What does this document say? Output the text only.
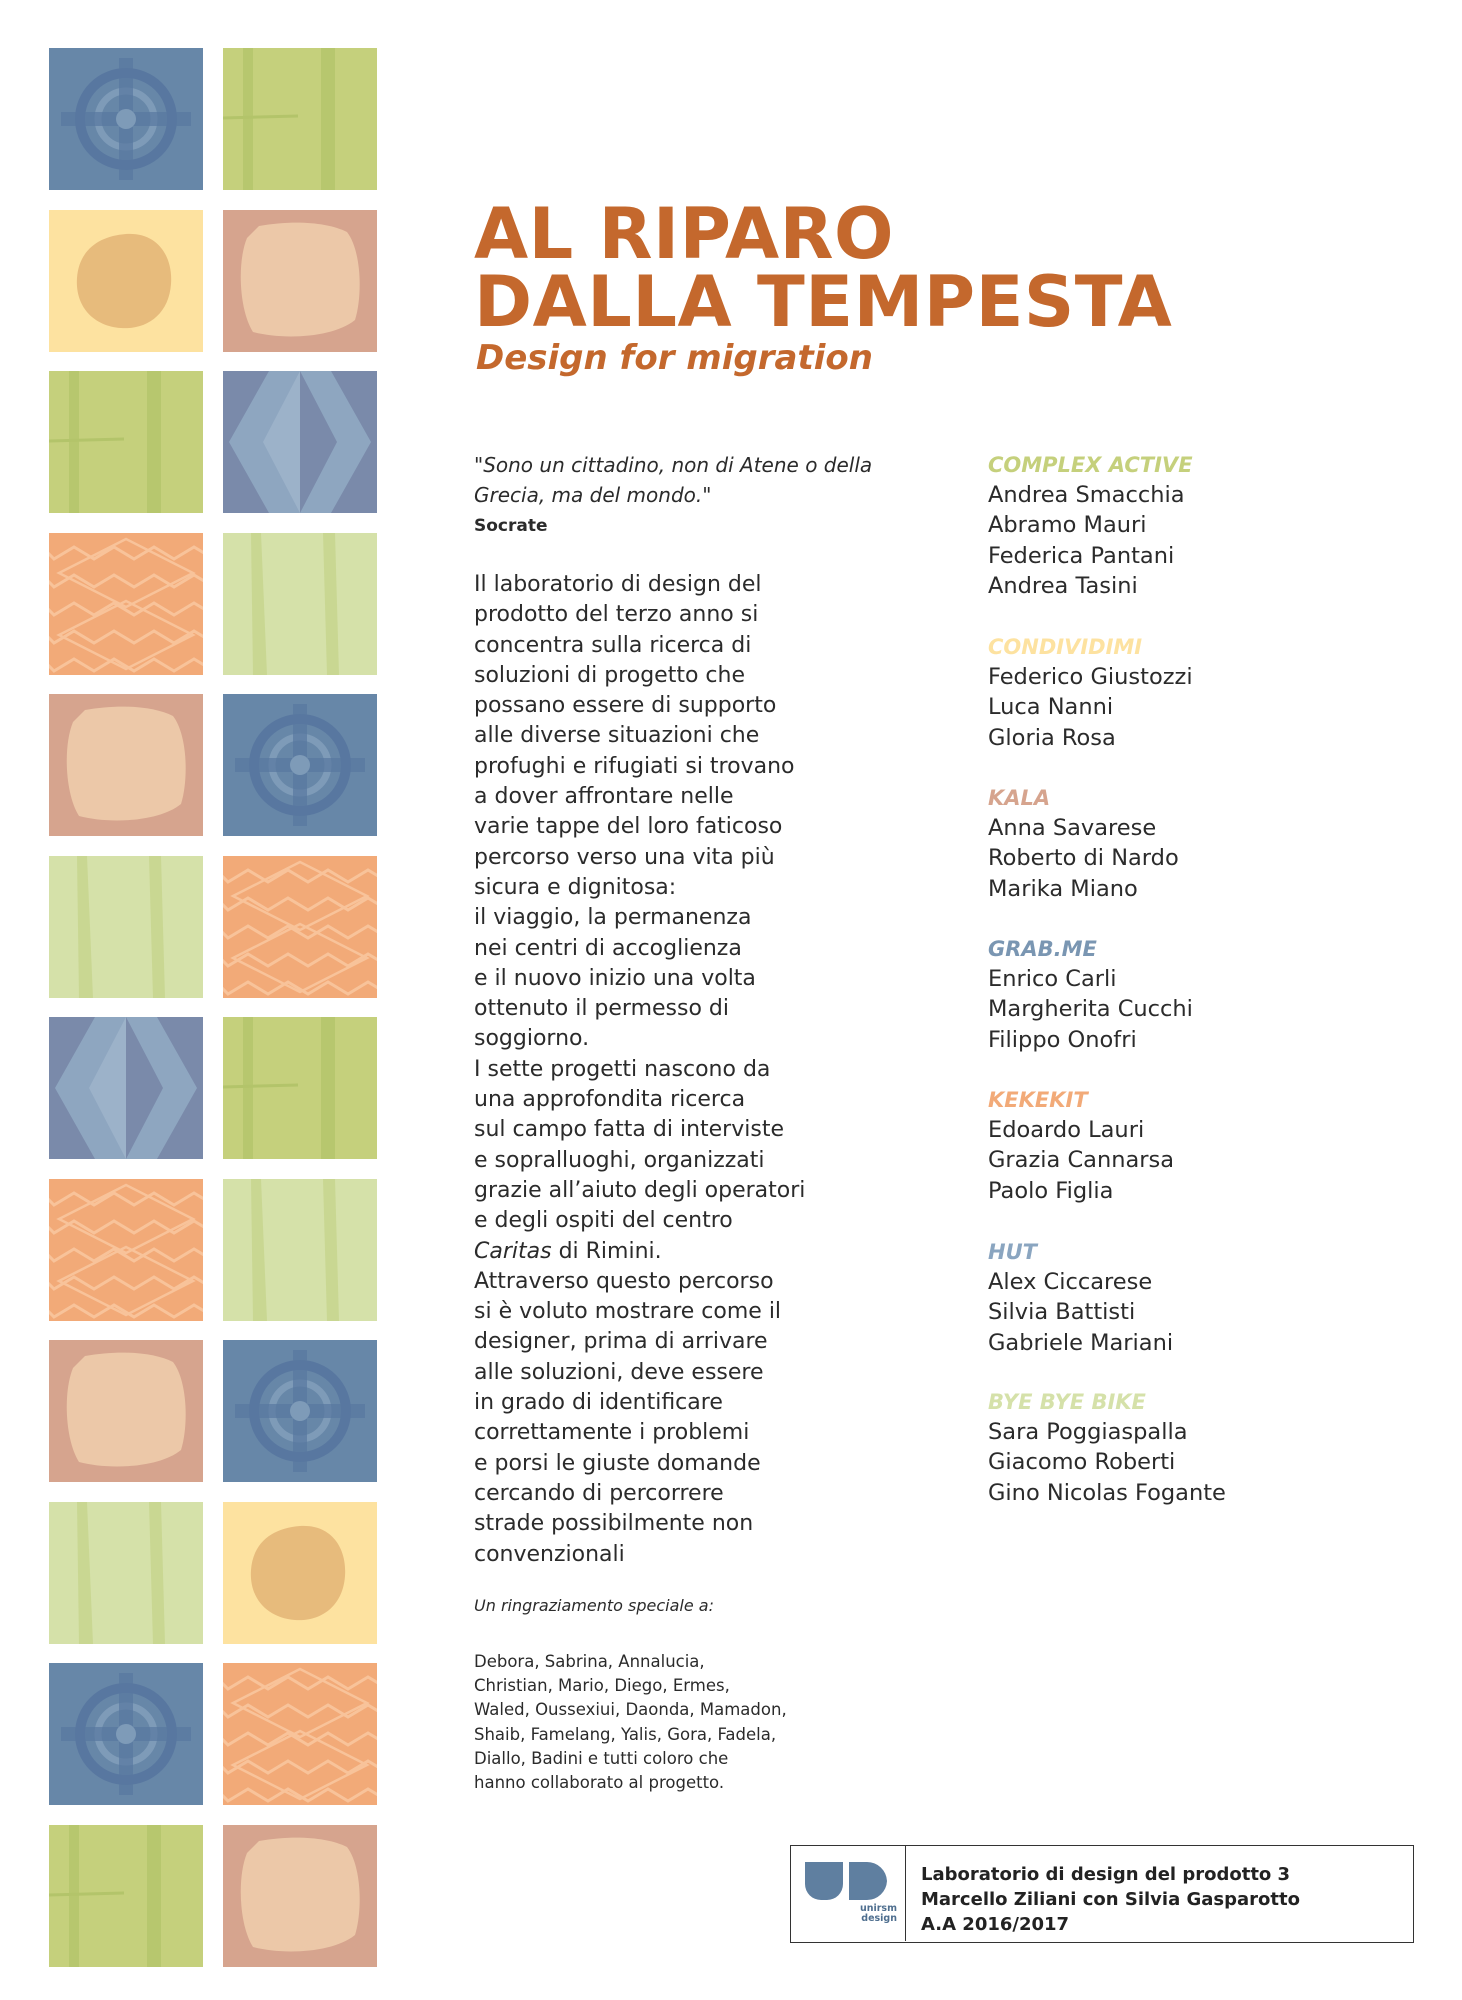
AL RIPARO
DALLA TEMPESTA
Design for migration
"Sono un cittadino, non di Atene o della Grecia, ma del mondo."
Socrate
Il laboratorio di design del
prodotto del terzo anno si
concentra sulla ricerca di
soluzioni di progetto che
possano essere di supporto
alle diverse situazioni che
profughi e rifugiati si trovano
a dover affrontare nelle
varie tappe del loro faticoso
percorso verso una vita più
sicura e dignitosa:
il viaggio, la permanenza
nei centri di accoglienza
e il nuovo inizio una volta
ottenuto il permesso di
soggiorno.
I sette progetti nascono da
una approfondita ricerca
sul campo fatta di interviste
e sopralluoghi, organizzati
grazie all’aiuto degli operatori
e degli ospiti del centro
Caritas di Rimini.
Attraverso questo percorso
si è voluto mostrare come il
designer, prima di arrivare
alle soluzioni, deve essere
in grado di identificare
correttamente i problemi
e porsi le giuste domande
cercando di percorrere
strade possibilmente non
convenzionali
Un ringraziamento speciale a:
Debora, Sabrina, Annalucia,
Christian, Mario, Diego, Ermes,
Waled, Oussexiui, Daonda, Mamadon,
Shaib, Famelang, Yalis, Gora, Fadela,
Diallo, Badini e tutti coloro che
hanno collaborato al progetto.
COMPLEX ACTIVE
Andrea Smacchia
Abramo Mauri
Federica Pantani
Andrea Tasini
CONDIVIDIMI
Federico Giustozzi
Luca Nanni
Gloria Rosa
KALA
Anna Savarese
Roberto di Nardo
Marika Miano
GRAB.ME
Enrico Carli
Margherita Cucchi
Filippo Onofri
KEKEKIT
Edoardo Lauri
Grazia Cannarsa
Paolo Figlia
HUT
Alex Ciccarese
Silvia Battisti
Gabriele Mariani
BYE BYE BIKE
Sara Poggiaspalla
Giacomo Roberti
Gino Nicolas Fogante
unirsm
design
Laboratorio di design del prodotto 3
Marcello Ziliani con Silvia Gasparotto
A.A 2016/2017
